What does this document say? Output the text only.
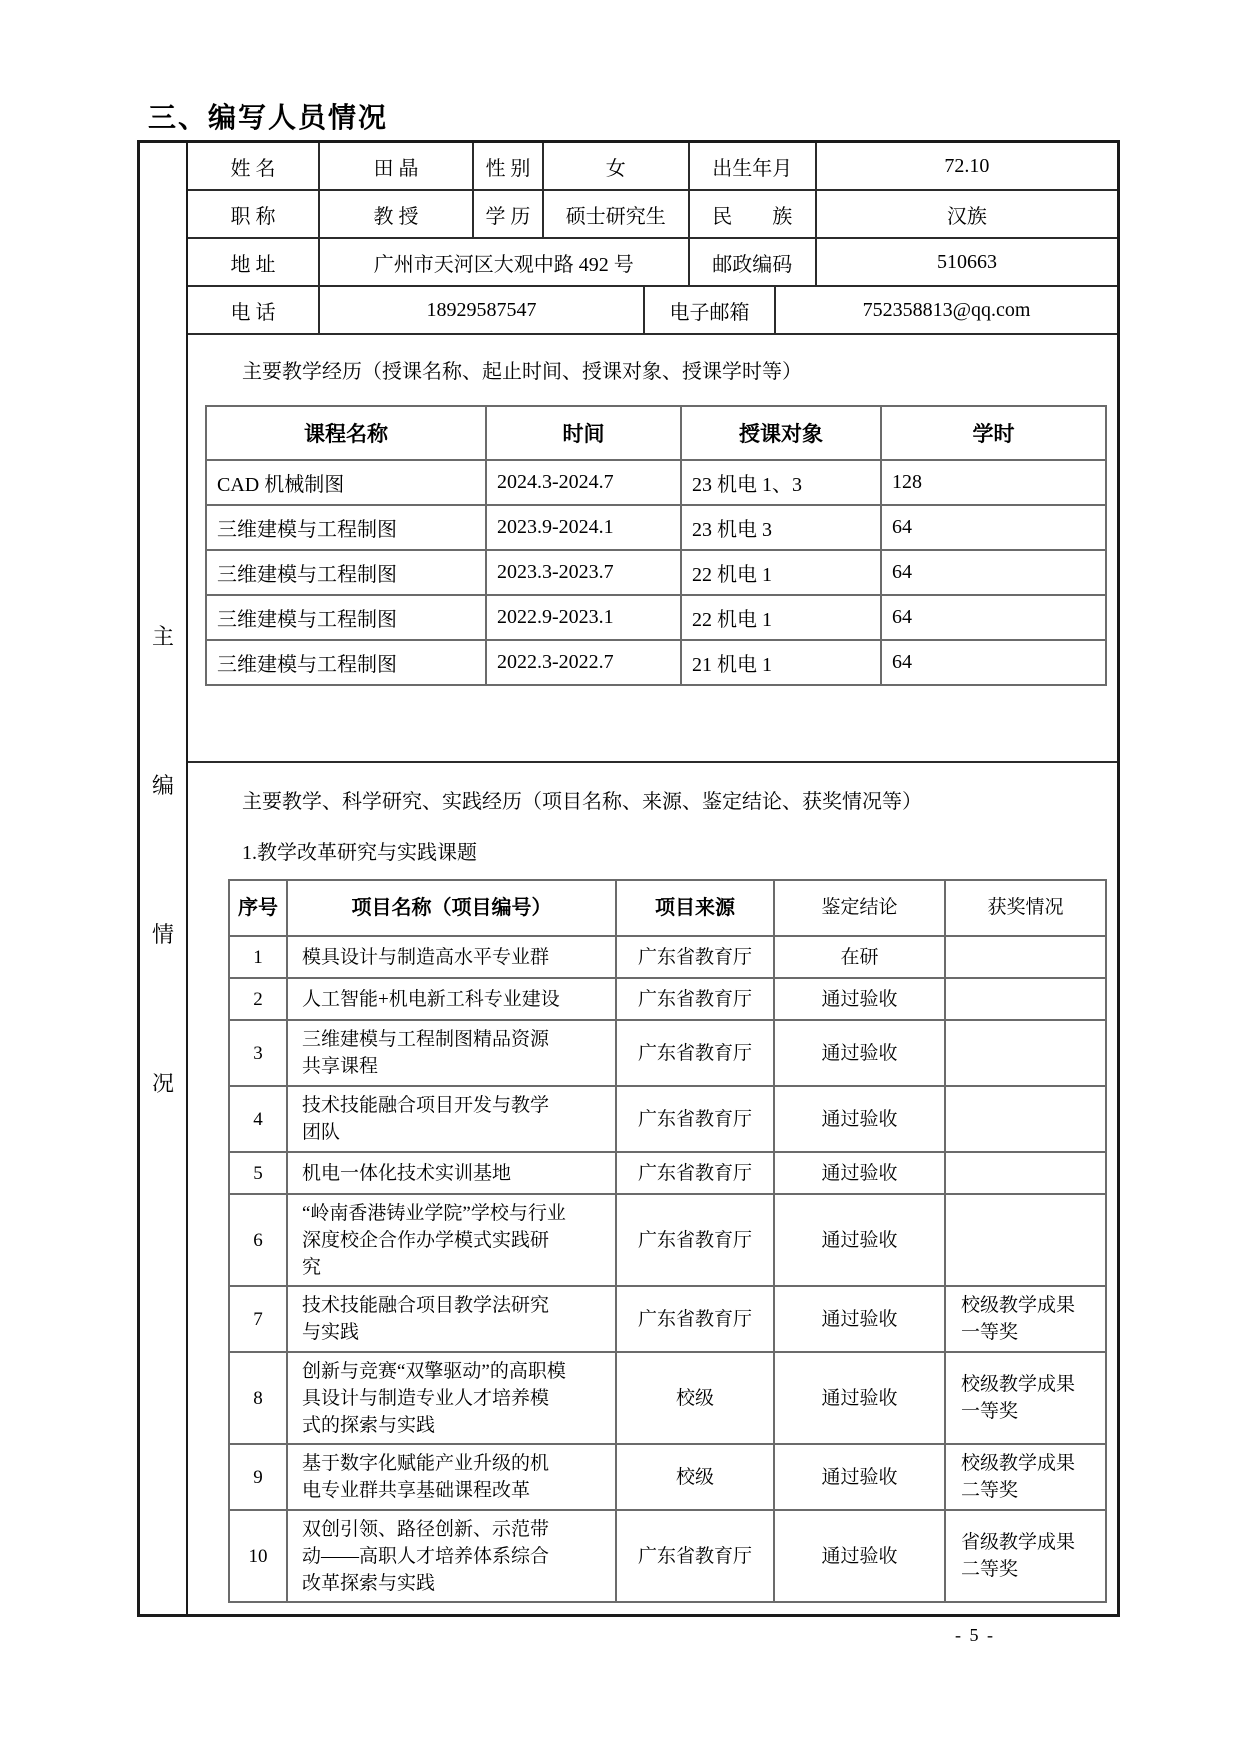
三、编写人员情况
主
编
情
况
姓 名	田 晶	性 别	女	出生年月	72.10
职 称	教 授	学 历	硕士研究生	民　　族	汉族
地 址	广州市天河区大观中路 492 号	邮政编码	510663
电 话	18929587547	电子邮箱	752358813@qq.com
主要教学经历（授课名称、起止时间、授课对象、授课学时等）
课程名称	时间	授课对象	学时
CAD 机械制图	2024.3-2024.7	23 机电 1、3	128
三维建模与工程制图	2023.9-2024.1	23 机电 3	64
三维建模与工程制图	2023.3-2023.7	22 机电 1	64
三维建模与工程制图	2022.9-2023.1	22 机电 1	64
三维建模与工程制图	2022.3-2022.7	21 机电 1	64
主要教学、科学研究、实践经历（项目名称、来源、鉴定结论、获奖情况等）
1.教学改革研究与实践课题
序号	项目名称（项目编号）	项目来源	鉴定结论	获奖情况
1	模具设计与制造高水平专业群	广东省教育厅	在研	
2	人工智能+机电新工科专业建设	广东省教育厅	通过验收	
3	三维建模与工程制图精品资源共享课程	广东省教育厅	通过验收	
4	技术技能融合项目开发与教学团队	广东省教育厅	通过验收	
5	机电一体化技术实训基地	广东省教育厅	通过验收	
6	“岭南香港铸业学院”学校与行业深度校企合作办学模式实践研究	广东省教育厅	通过验收	
7	技术技能融合项目教学法研究与实践	广东省教育厅	通过验收	校级教学成果一等奖
8	创新与竞赛“双擎驱动”的高职模具设计与制造专业人才培养模式的探索与实践	校级	通过验收	校级教学成果一等奖
9	基于数字化赋能产业升级的机电专业群共享基础课程改革	校级	通过验收	校级教学成果二等奖
10	双创引领、路径创新、示范带动——高职人才培养体系综合改革探索与实践	广东省教育厅	通过验收	省级教学成果二等奖
- 5 -
